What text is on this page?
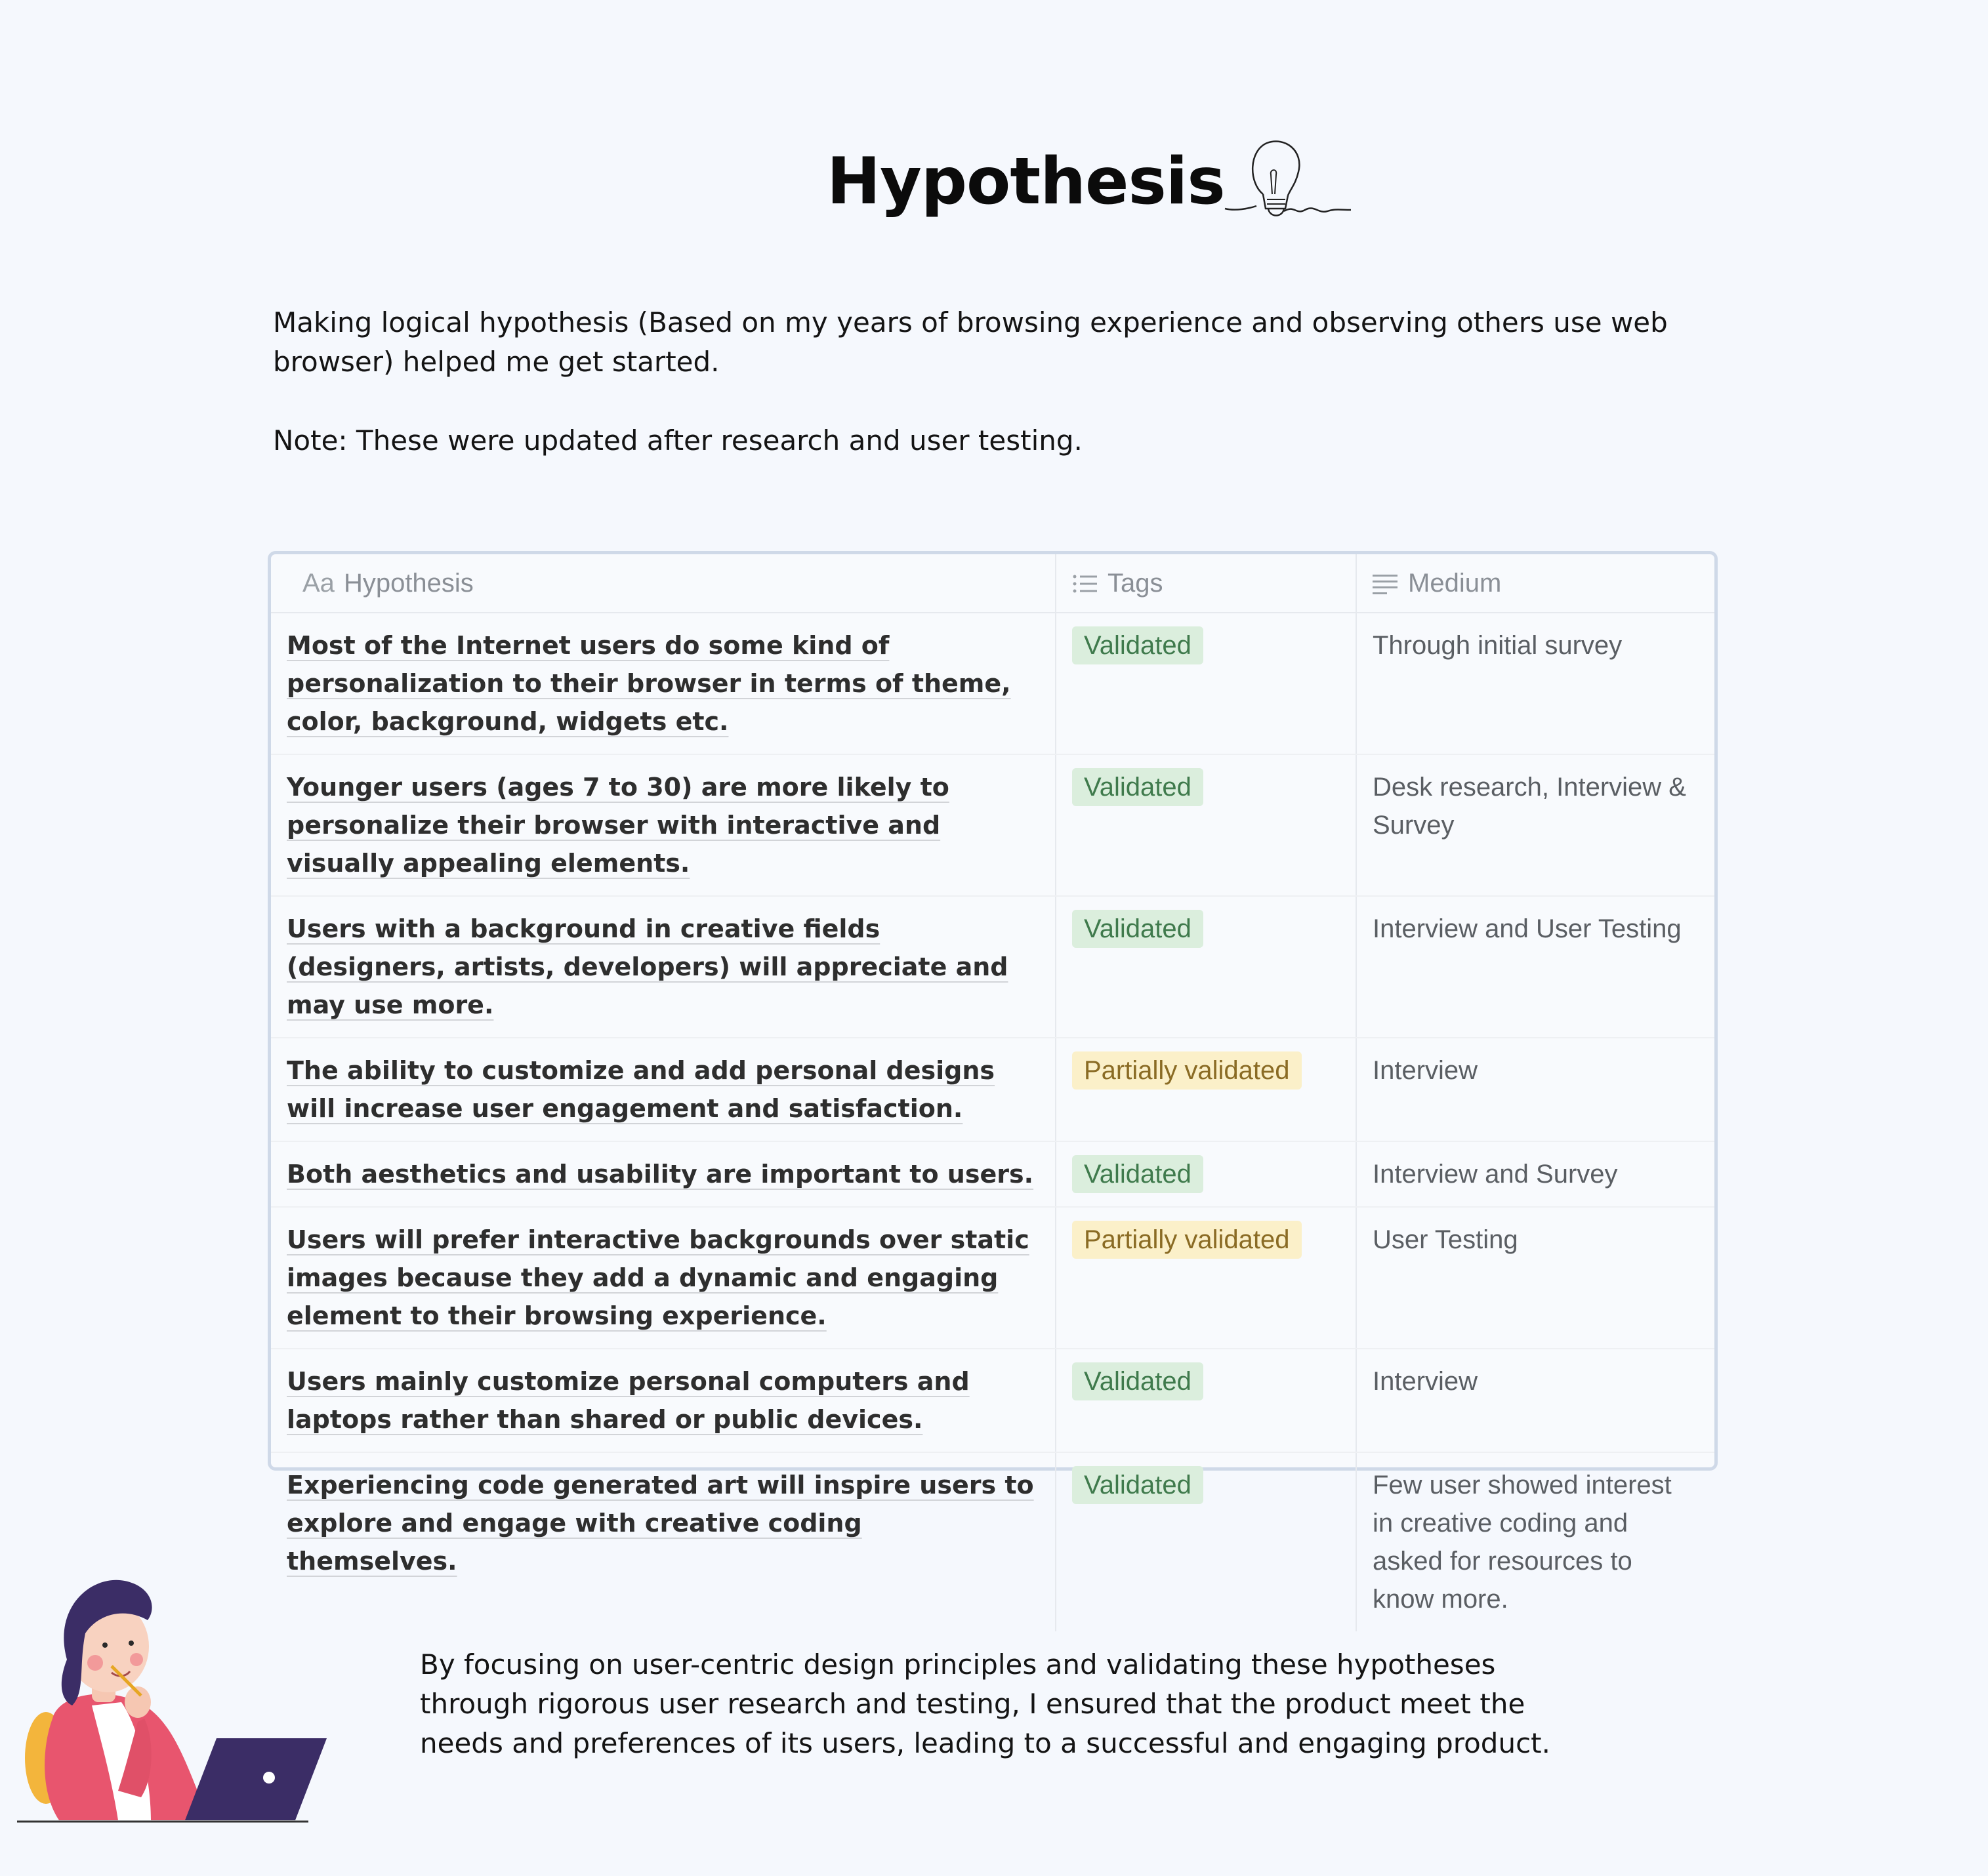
Hypothesis

Making logical hypothesis (Based on my years of browsing experience and observing others use web browser) helped me get started.

Note: These were updated after research and user testing.

Aa Hypothesis	Tags	Medium
Most of the Internet users do some kind of personalization to their browser in terms of theme, color, background, widgets etc.	Validated	Through initial survey
Younger users (ages 7 to 30) are more likely to personalize their browser with interactive and visually appealing elements.	Validated	Desk research, Interview & Survey
Users with a background in creative fields (designers, artists, developers) will appreciate and may use more.	Validated	Interview and User Testing
The ability to customize and add personal designs will increase user engagement and satisfaction.	Partially validated	Interview
Both aesthetics and usability are important to users.	Validated	Interview and Survey
Users will prefer interactive backgrounds over static images because they add a dynamic and engaging element to their browsing experience.	Partially validated	User Testing
Users mainly customize personal computers and laptops rather than shared or public devices.	Validated	Interview
Experiencing code generated art will inspire users to explore and engage with creative coding themselves.	Validated	Few user showed interest in creative coding and asked for resources to know more.

By focusing on user-centric design principles and validating these hypotheses through rigorous user research and testing, I ensured that the product meet the needs and preferences of its users, leading to a successful and engaging product.
